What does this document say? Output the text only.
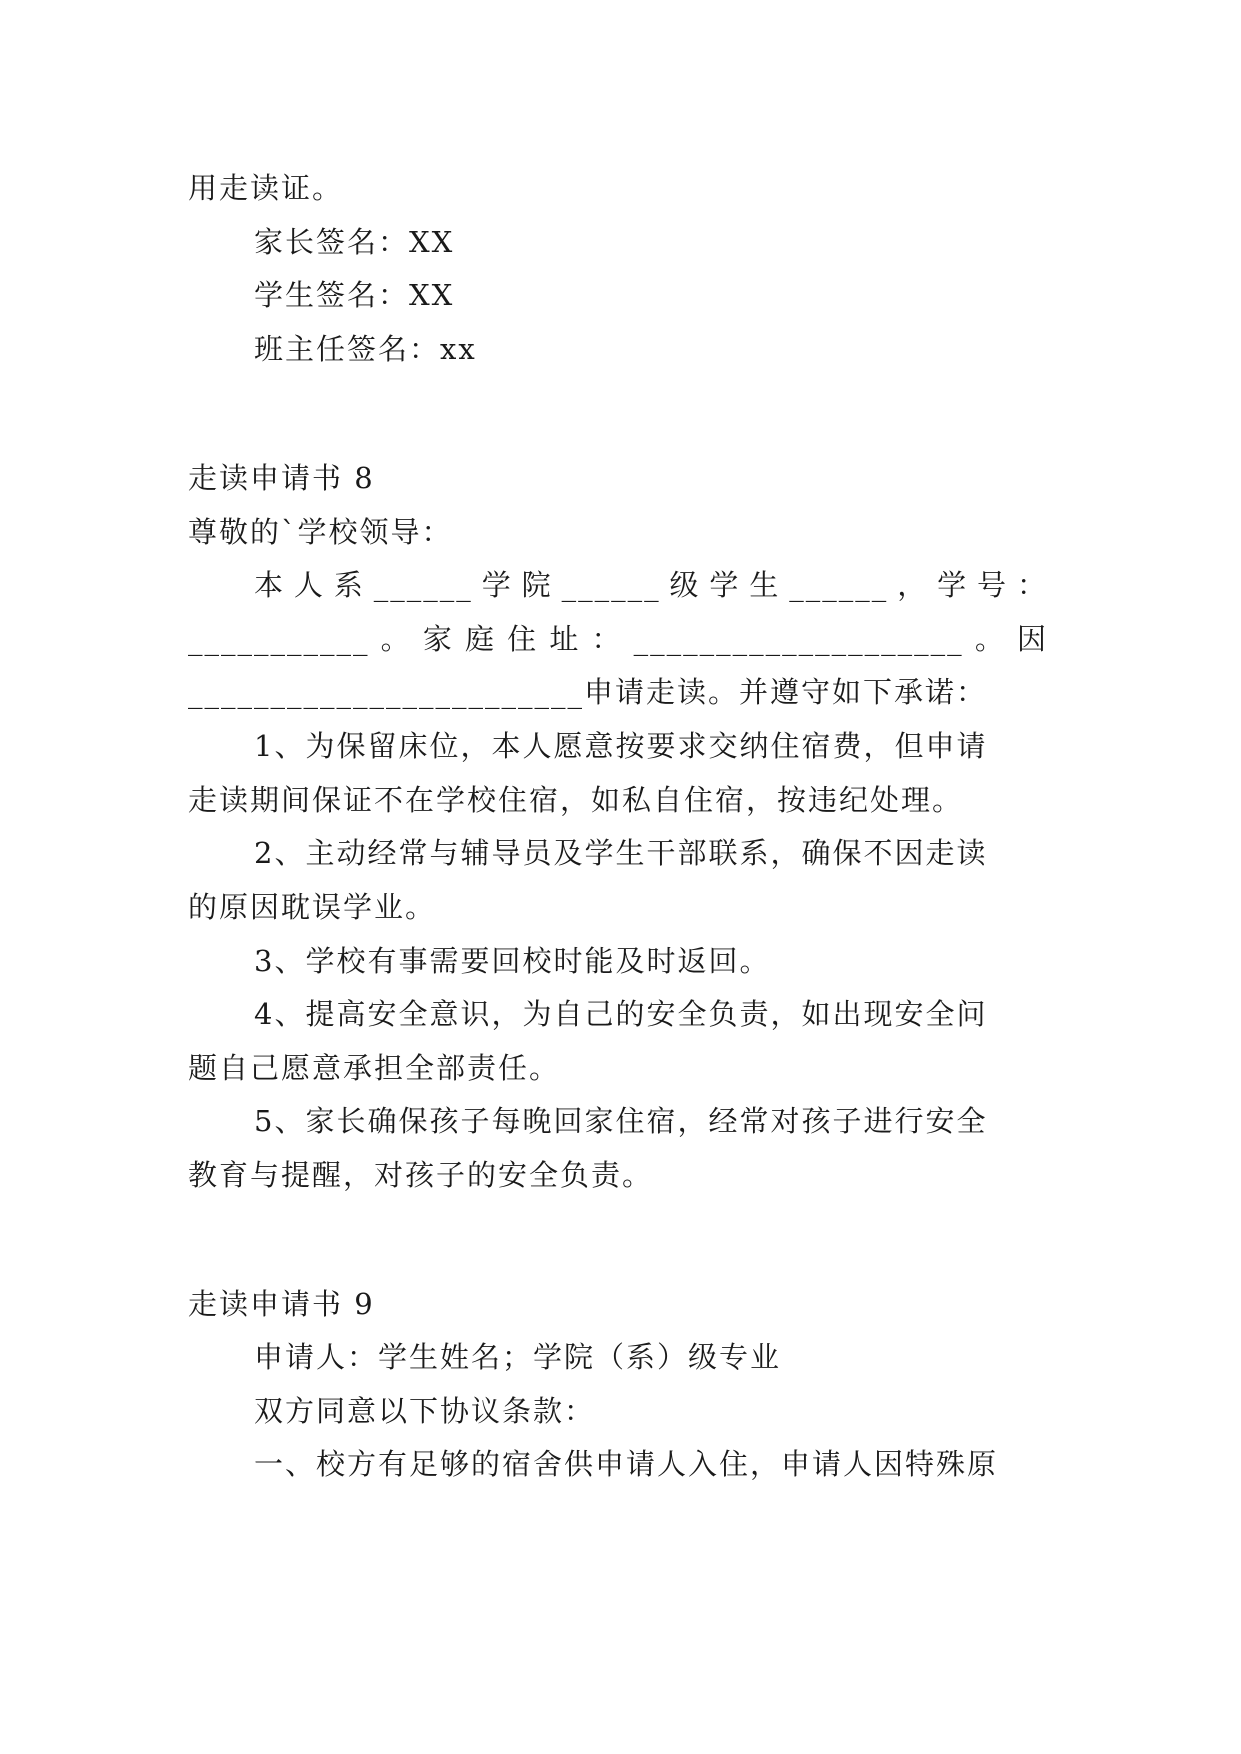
用走读证。
家长签名：XX
学生签名：XX
班主任签名：xx
走读申请书 8
尊敬的`学校领导：
本人系______学院______级学生______，学号：
___________。家庭住址：____________________。因
________________________申请走读。并遵守如下承诺：
1、为保留床位，本人愿意按要求交纳住宿费，但申请
走读期间保证不在学校住宿，如私自住宿，按违纪处理。
2、主动经常与辅导员及学生干部联系，确保不因走读
的原因耽误学业。
3、学校有事需要回校时能及时返回。
4、提高安全意识，为自己的安全负责，如出现安全问
题自己愿意承担全部责任。
5、家长确保孩子每晚回家住宿，经常对孩子进行安全
教育与提醒，对孩子的安全负责。
走读申请书 9
申请人：学生姓名；学院（系）级专业
双方同意以下协议条款：
一、校方有足够的宿舍供申请人入住，申请人因特殊原
